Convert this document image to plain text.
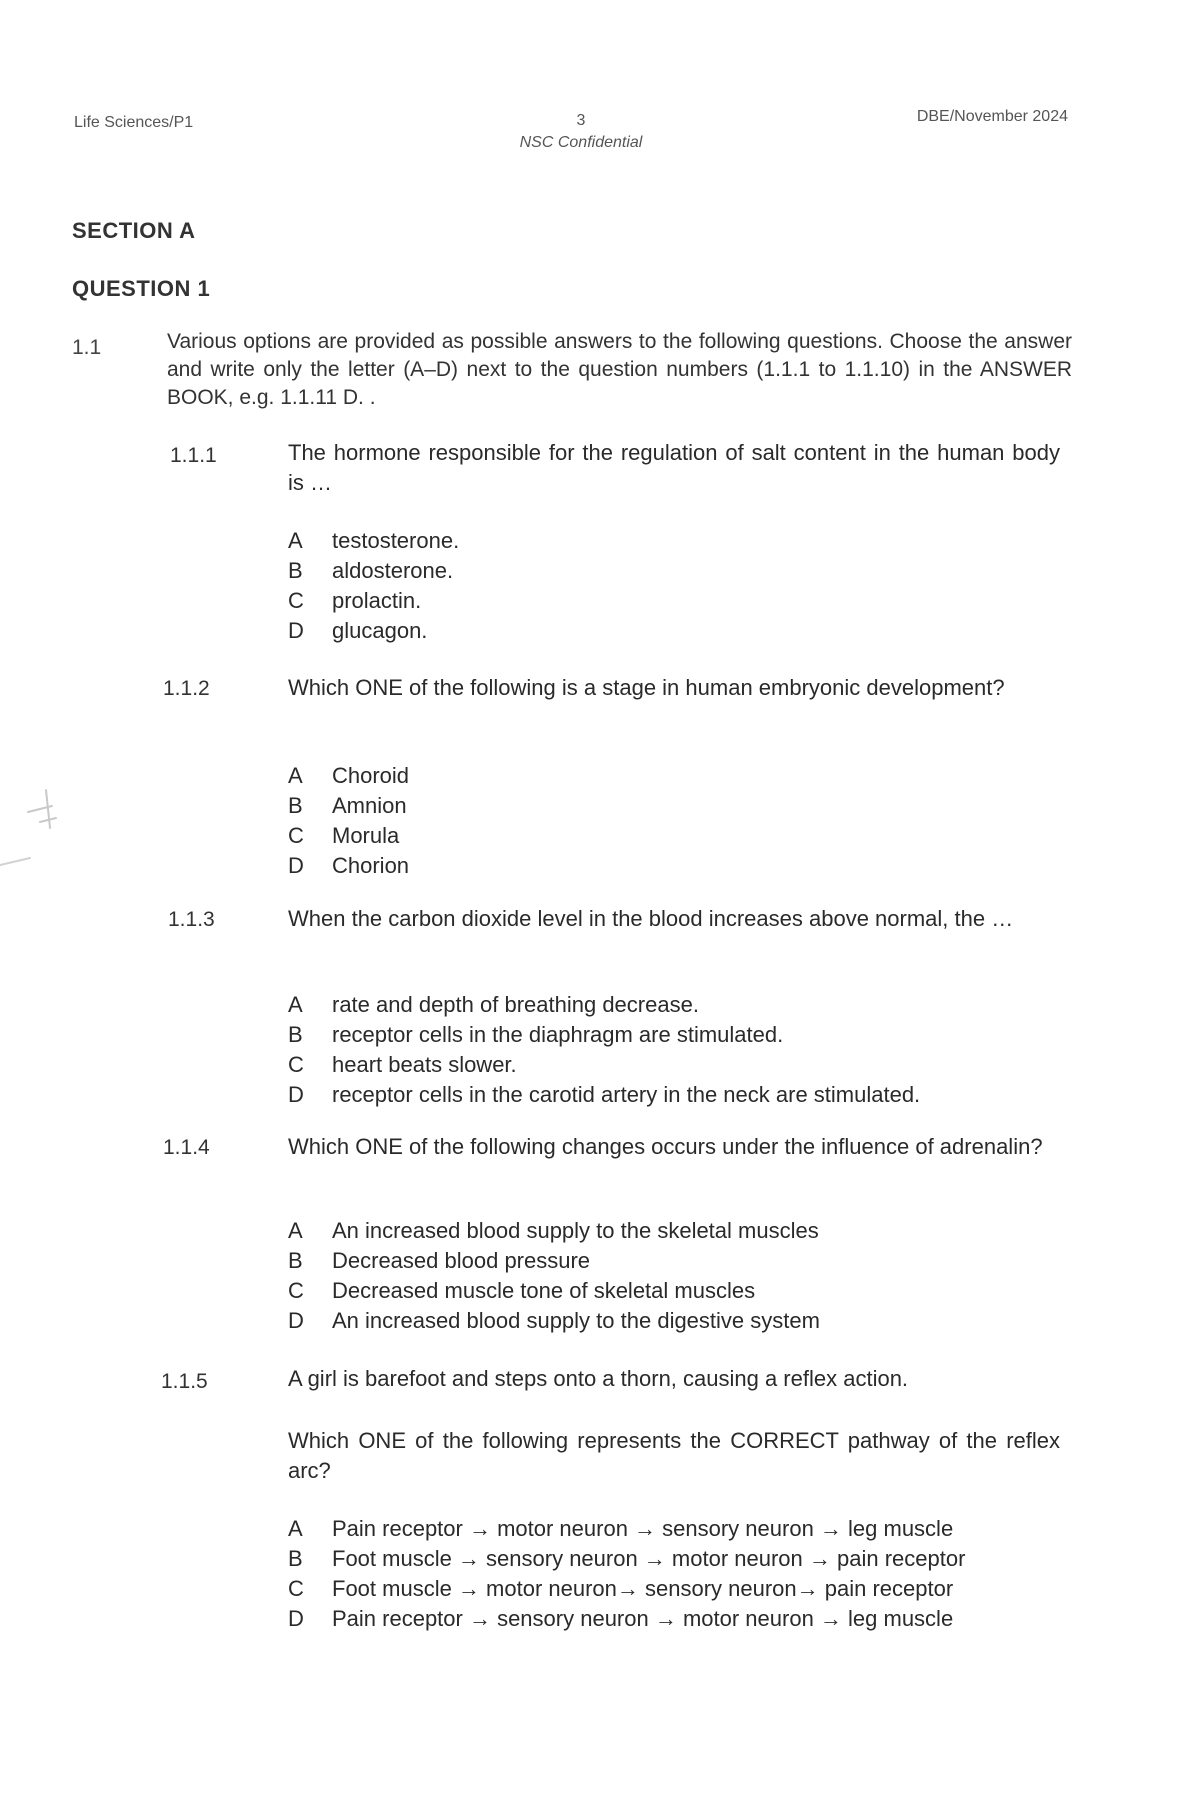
Life Sciences/P1	3
NSC Confidential
DBE/November 2024
SECTION A
QUESTION 1
1.1	Various options are provided as possible answers to the following questions. Choose the answer and write only the letter (A–D) next to the question numbers (1.1.1 to 1.1.10) in the ANSWER BOOK, e.g. 1.1.11 D. .
1.1.1	The hormone responsible for the regulation of salt content in the human body is …
A testosterone.
B aldosterone.
C prolactin.
D glucagon.
1.1.2	Which ONE of the following is a stage in human embryonic development?
A Choroid
B Amnion
C Morula
D Chorion
1.1.3	When the carbon dioxide level in the blood increases above normal, the …
A rate and depth of breathing decrease.
B receptor cells in the diaphragm are stimulated.
C heart beats slower.
D receptor cells in the carotid artery in the neck are stimulated.
1.1.4	Which ONE of the following changes occurs under the influence of adrenalin?
A An increased blood supply to the skeletal muscles
B Decreased blood pressure
C Decreased muscle tone of skeletal muscles
D An increased blood supply to the digestive system
1.1.5	A girl is barefoot and steps onto a thorn, causing a reflex action.
Which ONE of the following represents the CORRECT pathway of the reflex arc?
A Pain receptor → motor neuron → sensory neuron → leg muscle
B Foot muscle → sensory neuron → motor neuron → pain receptor
C Foot muscle → motor neuron→ sensory neuron→ pain receptor
D Pain receptor → sensory neuron → motor neuron → leg muscle
